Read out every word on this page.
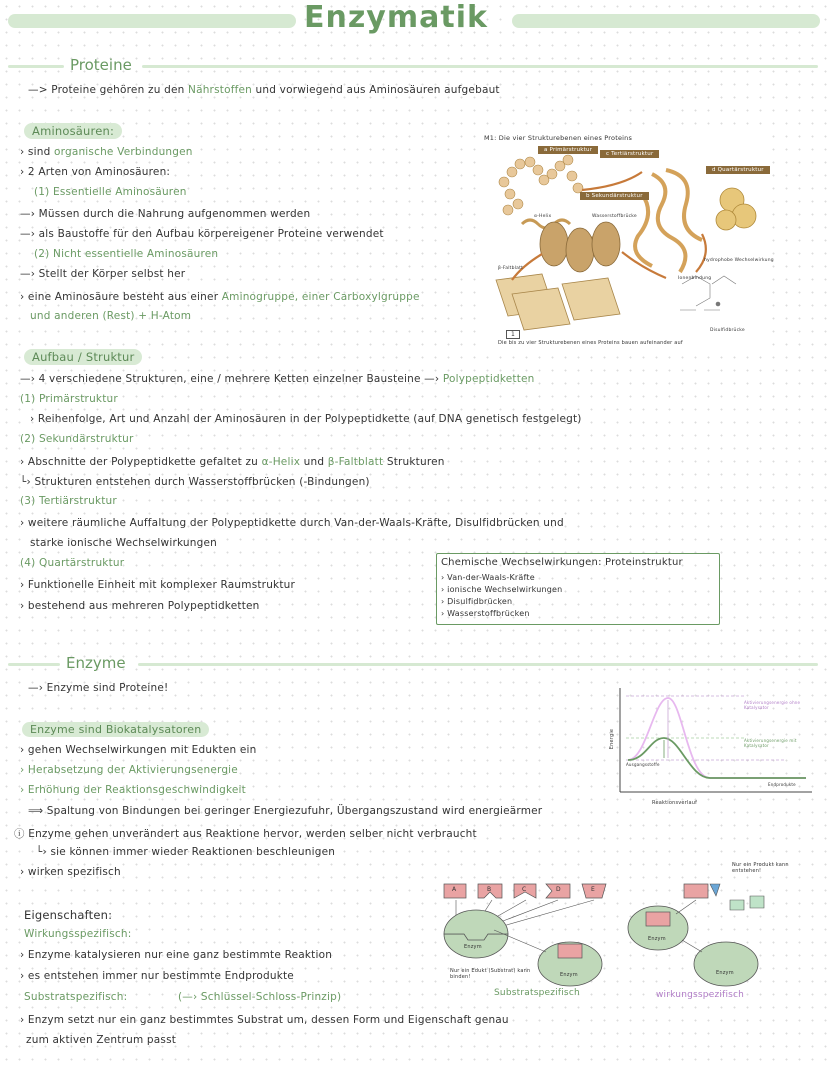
Enzymatik
Proteine
—> Proteine gehören zu den Nährstoffen und vorwiegend aus Aminosäuren aufgebaut
Aminosäuren:
› sind organische Verbindungen
› 2 Arten von Aminosäuren:
(1) Essentielle Aminosäuren
—› Müssen durch die Nahrung aufgenommen werden
—› als Baustoffe für den Aufbau körpereigener Proteine verwendet
(2) Nicht essentielle Aminosäuren
—› Stellt der Körper selbst her
› eine Aminosäure besteht aus einer Aminogruppe, einer Carboxylgruppe
und anderen (Rest) + H-Atom
M1: Die vier Strukturebenen eines Proteins
a Primärstruktur
c Tertiärstruktur
d Quartärstruktur
b Sekundärstruktur
α-Helix	Wasserstoffbrücke
β-Faltblatt
hydrophobe Wechselwirkung
Ionenbindung
Disulfidbrücke
1
Die bis zu vier Strukturebenen eines Proteins bauen aufeinander auf
Aufbau / Struktur
—› 4 verschiedene Strukturen, eine / mehrere Ketten einzelner Bausteine —› Polypeptidketten
(1) Primärstruktur
› Reihenfolge, Art und Anzahl der Aminosäuren in der Polypeptidkette (auf DNA genetisch festgelegt)
(2) Sekundärstruktur
› Abschnitte der Polypeptidkette gefaltet zu α-Helix und β-Faltblatt Strukturen
└› Strukturen entstehen durch Wasserstoffbrücken (-Bindungen)
(3) Tertiärstruktur
› weitere räumliche Auffaltung der Polypeptidkette durch Van-der-Waals-Kräfte, Disulfidbrücken und
starke ionische Wechselwirkungen
(4) Quartärstruktur
› Funktionelle Einheit mit komplexer Raumstruktur
› bestehend aus mehreren Polypeptidketten
Chemische Wechselwirkungen: Proteinstruktur
› Van-der-Waals-Kräfte
› ionische Wechselwirkungen
› Disulfidbrücken
› Wasserstoffbrücken
Enzyme
—› Enzyme sind Proteine!
Enzyme sind Biokatalysatoren
› gehen Wechselwirkungen mit Edukten ein
› Herabsetzung der Aktivierungsenergie
› Erhöhung der Reaktionsgeschwindigkeit
⟹ Spaltung von Bindungen bei geringer Energiezufuhr, Übergangszustand wird energieärmer
ⓘ Enzyme gehen unverändert aus Reaktione hervor, werden selber nicht verbraucht
└› sie können immer wieder Reaktionen beschleunigen
› wirken spezifisch
Energie
Reaktionsverlauf
Aktivierungsenergie ohne Katalysator
Aktivierungsenergie mit Katalysator
Ausgangsstoffe
Endprodukte
Eigenschaften:
Wirkungsspezifisch:
› Enzyme katalysieren nur eine ganz bestimmte Reaktion
› es entstehen immer nur bestimmte Endprodukte
Substratspezifisch:	(—› Schlüssel-Schloss-Prinzip)
› Enzym setzt nur ein ganz bestimmtes Substrat um, dessen Form und Eigenschaft genau
zum aktiven Zentrum passt
A	B	C	D	E
Enzym
Enzym
Enzym
Enzym
Nur ein Edukt (Substrat) kann binden!
Nur ein Produkt kann entstehen!
Substratspezifisch	wirkungsspezifisch
